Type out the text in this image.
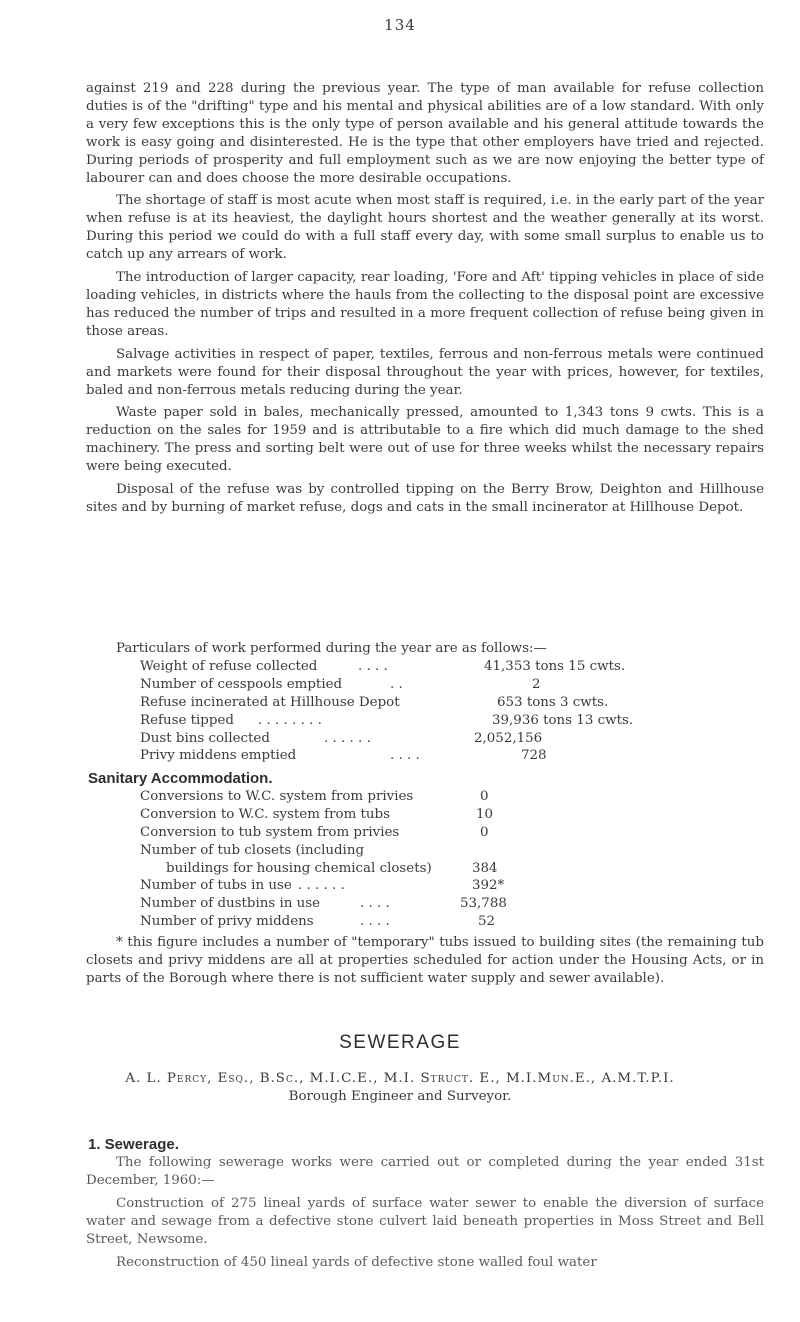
134

against 219 and 228 during the previous year. The type of man available for refuse collection duties is of the "drifting" type and his mental and physical abilities are of a low standard. With only a very few exceptions this is the only type of person available and his general attitude towards the work is easy going and disinterested. He is the type that other employers have tried and rejected. During periods of prosperity and full employment such as we are now enjoying the better type of labourer can and does choose the more desirable occupations.

The shortage of staff is most acute when most staff is required, i.e. in the early part of the year when refuse is at its heaviest, the daylight hours shortest and the weather generally at its worst. During this period we could do with a full staff every day, with some small surplus to enable us to catch up any arrears of work.

The introduction of larger capacity, rear loading, 'Fore and Aft' tipping vehicles in place of side loading vehicles, in districts where the hauls from the collecting to the disposal point are excessive has reduced the number of trips and resulted in a more frequent collection of refuse being given in those areas.

Salvage activities in respect of paper, textiles, ferrous and non-ferrous metals were continued and markets were found for their disposal throughout the year with prices, however, for textiles, baled and non-ferrous metals reducing during the year.

Waste paper sold in bales, mechanically pressed, amounted to 1,343 tons 9 cwts. This is a reduction on the sales for 1959 and is attributable to a fire which did much damage to the shed machinery. The press and sorting belt were out of use for three weeks whilst the necessary repairs were being executed.

Disposal of the refuse was by controlled tipping on the Berry Brow, Deighton and Hillhouse sites and by burning of market refuse, dogs and cats in the small incinerator at Hillhouse Depot.

Particulars of work performed during the year are as follows:—

Weight of refuse collected	. . . .	41,353 tons 15 cwts.
Number of cesspools emptied	. .	2
Refuse incinerated at Hillhouse Depot	653 tons 3 cwts.
Refuse tipped . . . . . . . .	39,936 tons 13 cwts.
Dust bins collected	. . . . . .	2,052,156
Privy middens emptied	. . . .	728
Sanitary Accommodation.
Conversions to W.C. system from privies	0
Conversion to W.C. system from tubs	10
Conversion to tub system from privies	0
Number of tub closets (including
buildings for housing chemical closets)	384
Number of tubs in use . . . . . .	392*
Number of dustbins in use	. . . .	53,788
Number of privy middens	. . . .	52

* this figure includes a number of "temporary" tubs issued to building sites (the remaining tub closets and privy middens are all at properties scheduled for action under the Housing Acts, or in parts of the Borough where there is not sufficient water supply and sewer available).

SEWERAGE
A. L. Percy, Esq., B.Sc., M.I.C.E., M.I. Struct. E., M.I.Mun.E., A.M.T.P.I.
Borough Engineer and Surveyor.
1. Sewerage.

The following sewerage works were carried out or completed during the year ended 31st December, 1960:—

Construction of 275 lineal yards of surface water sewer to enable the diversion of surface water and sewage from a defective stone culvert laid beneath properties in Moss Street and Bell Street, Newsome.

Reconstruction of 450 lineal yards of defective stone walled foul water
